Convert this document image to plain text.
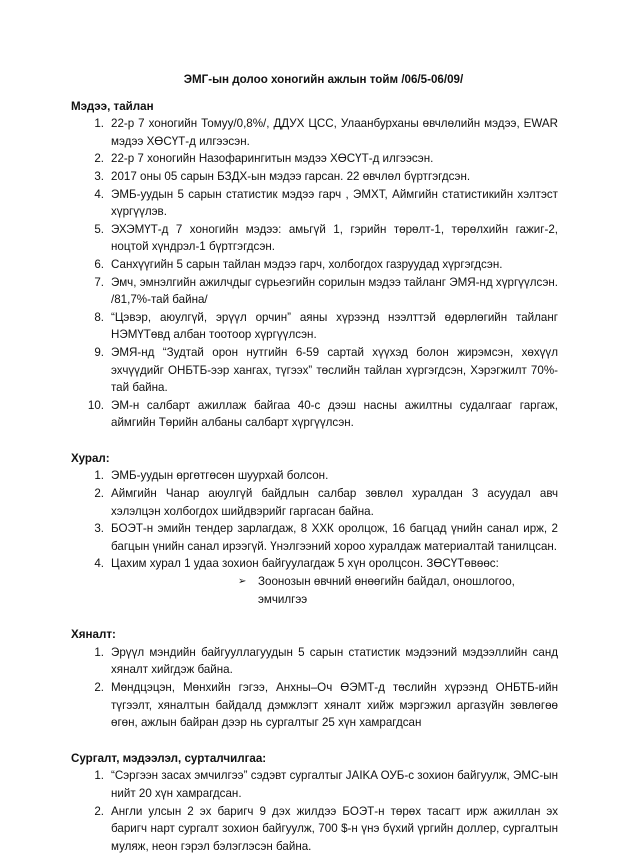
ЭМГ-ын долоо хоногийн ажлын тойм /06/5-06/09/

Мэдээ, тайлан

1. 22-р 7 хоногийн Томуу/0,8%/, ДДУХ ЦСС, Улаанбурханы өвчлөлийн мэдээ, EWAR мэдээ ХӨСҮТ-д илгээсэн.
2. 22-р 7 хоногийн Назофарингитын мэдээ ХӨСҮТ-д илгээсэн.
3. 2017 оны 05 сарын БЗДХ-ын мэдээ гарсан. 22 өвчлөл бүртгэгдсэн.
4. ЭМБ-уудын 5 сарын статистик мэдээ гарч , ЭМХТ, Аймгийн статистикийн хэлтэст хүргүүлэв.
5. ЭХЭМҮТ-д 7 хоногийн мэдээ: амьгүй 1, гэрийн төрөлт-1, төрөлхийн гажиг-2, ноцтой хүндрэл-1 бүртгэгдсэн.
6. Санхүүгийн 5 сарын тайлан мэдээ гарч, холбогдох газруудад хүргэгдсэн.
7. Эмч, эмнэлгийн ажилчдыг сүрьеэгийн сорилын мэдээ тайланг ЭМЯ-нд хүргүүлсэн. /81,7%-тай байна/
8. “Цэвэр, аюулгүй, эрүүл орчин” аяны хүрээнд нээлттэй өдөрлөгийн тайланг НЭМҮТөвд албан тоотоор хүргүүлсэн.
9. ЭМЯ-нд “Зудтай орон нутгийн 6-59 сартай хүүхэд болон жирэмсэн, хөхүүл эхчүүдийг ОНБТБ-ээр хангах, түгээх” төслийн тайлан хүргэгдсэн, Хэрэгжилт 70%-тай байна.
10. ЭМ-н салбарт ажиллаж байгаа 40-с дээш насны ажилтны судалгааг гаргаж, аймгийн Төрийн албаны салбарт хүргүүлсэн.

Хурал:

1. ЭМБ-уудын өргөтгөсөн шуурхай болсон.
2. Аймгийн Чанар аюулгүй байдлын салбар зөвлөл хуралдан 3 асуудал авч хэлэлцэн холбогдох шийдвэрийг гаргасан байна.
3. БОЭТ-н эмийн тендер зарлагдаж, 8 ХХК оролцож, 16 багцад үнийн санал ирж, 2 багцын үнийн санал ирээгүй. Үнэлгээний хороо хуралдаж материалтай танилцсан.
4. Цахим хурал 1 удаа зохион байгуулагдаж 5 хүн оролцсон. ЗӨСҮТөвөөс:
➢ Зоонозын өвчний өнөөгийн байдал, оношлогоо, эмчилгээ

Хяналт:

1. Эрүүл мэндийн байгууллагуудын 5 сарын статистик мэдээний мэдээллийн санд хяналт хийгдэж байна.
2. Мөндцэцэн, Мөнхийн гэгээ, Анхны–Оч ӨЭМТ-д төслийн хүрээнд ОНБТБ-ийн түгээлт, хяналтын байдалд дэмжлэгт хяналт хийж мэргэжил аргазүйн зөвлөгөө өгөн, ажлын байран дээр нь сургалтыг 25 хүн хамрагдсан

Сургалт, мэдээлэл, сурталчилгаа:

1. “Сэргээн засах эмчилгээ” сэдэвт сургалтыг JAIKA ОУБ-с зохион байгуулж, ЭМС-ын нийт 20 хүн хамрагдсан.
2. Англи улсын 2 эх баригч 9 дэх жилдээ БОЭТ-н төрөх тасагт ирж ажиллан эх баригч нарт сургалт зохион байгуулж, 700 $-н үнэ бүхий үргийн доллер, сургалтын муляж, неон гэрэл бэлэглэсэн байна.
